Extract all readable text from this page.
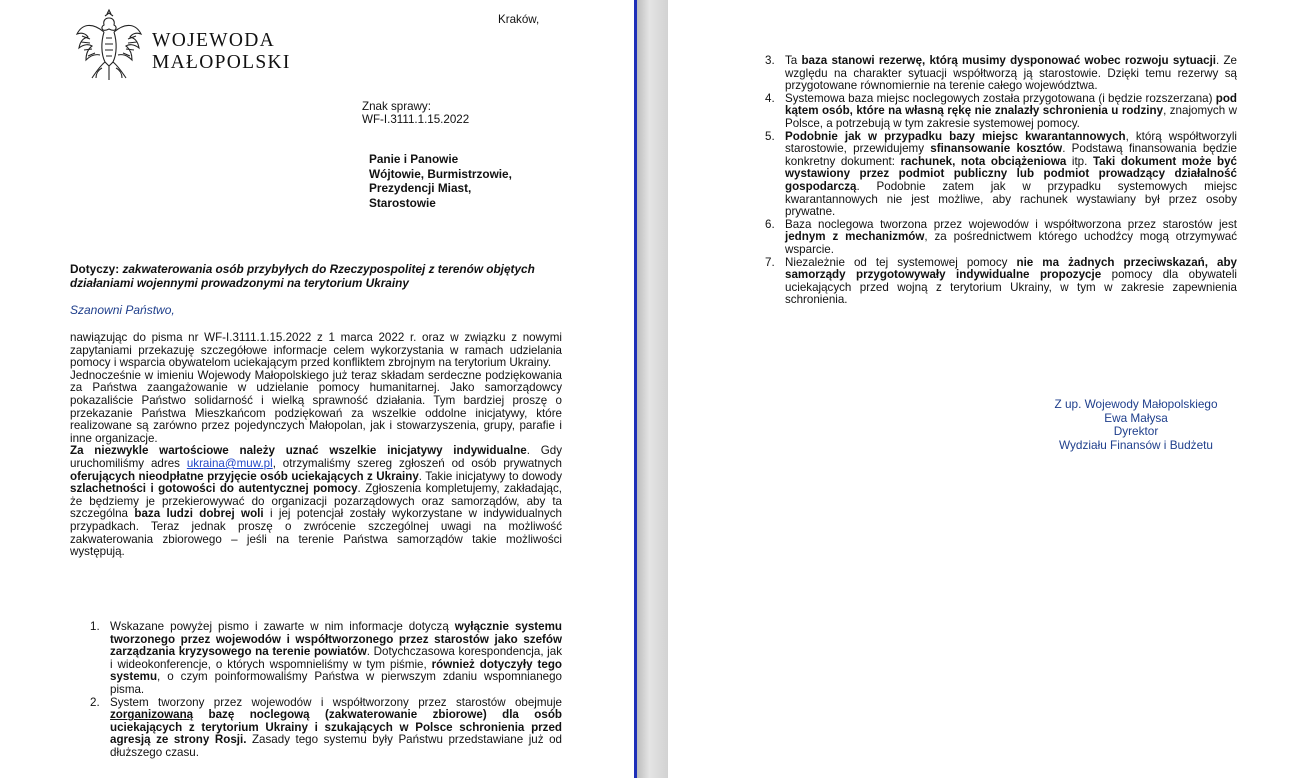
WOJEWODA
MAŁOPOLSKI
Kraków,
Znak sprawy:
WF-I.3111.1.15.2022
Panie i Panowie
Wójtowie, Burmistrzowie,
Prezydencji Miast,
Starostowie
Dotyczy: zakwaterowania osób przybyłych do Rzeczypospolitej z terenów objętych działaniami wojennymi prowadzonymi na terytorium Ukrainy
Szanowni Państwo,
nawiązując do pisma nr WF-I.3111.1.15.2022 z 1 marca 2022 r. oraz w związku z nowymi zapytaniami przekazuję szczegółowe informacje celem wykorzystania w ramach udzielania pomocy i wsparcia obywatelom uciekającym przed konfliktem zbrojnym na terytorium Ukrainy.
Jednocześnie w imieniu Wojewody Małopolskiego już teraz składam serdeczne podziękowania za Państwa zaangażowanie w udzielanie pomocy humanitarnej. Jako samorządowcy pokazaliście Państwo solidarność i wielką sprawność działania. Tym bardziej proszę o przekazanie Państwa Mieszkańcom podziękowań za wszelkie oddolne inicjatywy, które realizowane są zarówno przez pojedynczych Małopolan, jak i stowarzyszenia, grupy, parafie i inne organizacje.
Za niezwykle wartościowe należy uznać wszelkie inicjatywy indywidualne. Gdy uruchomiliśmy adres ukraina@muw.pl, otrzymaliśmy szereg zgłoszeń od osób prywatnych oferujących nieodpłatne przyjęcie osób uciekających z Ukrainy. Takie inicjatywy to dowody szlachetności i gotowości do autentycznej pomocy. Zgłoszenia kompletujemy, zakładając, że będziemy je przekierowywać do organizacji pozarządowych oraz samorządów, aby ta szczególna baza ludzi dobrej woli i jej potencjał zostały wykorzystane w indywidualnych przypadkach. Teraz jednak proszę o zwrócenie szczególnej uwagi na możliwość zakwaterowania zbiorowego – jeśli na terenie Państwa samorządów takie możliwości występują.
1. Wskazane powyżej pismo i zawarte w nim informacje dotyczą wyłącznie systemu tworzonego przez wojewodów i współtworzonego przez starostów jako szefów zarządzania kryzysowego na terenie powiatów. Dotychczasowa korespondencja, jak i wideokonferencje, o których wspomnieliśmy w tym piśmie, również dotyczyły tego systemu, o czym poinformowaliśmy Państwa w pierwszym zdaniu wspomnianego pisma.
2. System tworzony przez wojewodów i współtworzony przez starostów obejmuje zorganizowaną bazę noclegową (zakwaterowanie zbiorowe) dla osób uciekających z terytorium Ukrainy i szukających w Polsce schronienia przed agresją ze strony Rosji. Zasady tego systemu były Państwu przedstawiane już od dłuższego czasu.
3. Ta baza stanowi rezerwę, którą musimy dysponować wobec rozwoju sytuacji. Ze względu na charakter sytuacji współtworzą ją starostowie. Dzięki temu rezerwy są przygotowane równomiernie na terenie całego województwa.
4. Systemowa baza miejsc noclegowych została przygotowana (i będzie rozszerzana) pod kątem osób, które na własną rękę nie znalazły schronienia u rodziny, znajomych w Polsce, a potrzebują w tym zakresie systemowej pomocy.
5. Podobnie jak w przypadku bazy miejsc kwarantannowych, którą współtworzyli starostowie, przewidujemy sfinansowanie kosztów. Podstawą finansowania będzie konkretny dokument: rachunek, nota obciążeniowa itp. Taki dokument może być wystawiony przez podmiot publiczny lub podmiot prowadzący działalność gospodarczą. Podobnie zatem jak w przypadku systemowych miejsc kwarantannowych nie jest możliwe, aby rachunek wystawiany był przez osoby prywatne.
6. Baza noclegowa tworzona przez wojewodów i współtworzona przez starostów jest jednym z mechanizmów, za pośrednictwem którego uchodźcy mogą otrzymywać wsparcie.
7. Niezależnie od tej systemowej pomocy nie ma żadnych przeciwskazań, aby samorządy przygotowywały indywidualne propozycje pomocy dla obywateli uciekających przed wojną z terytorium Ukrainy, w tym w zakresie zapewnienia schronienia.
Z up. Wojewody Małopolskiego
Ewa Małysa
Dyrektor
Wydziału Finansów i Budżetu
